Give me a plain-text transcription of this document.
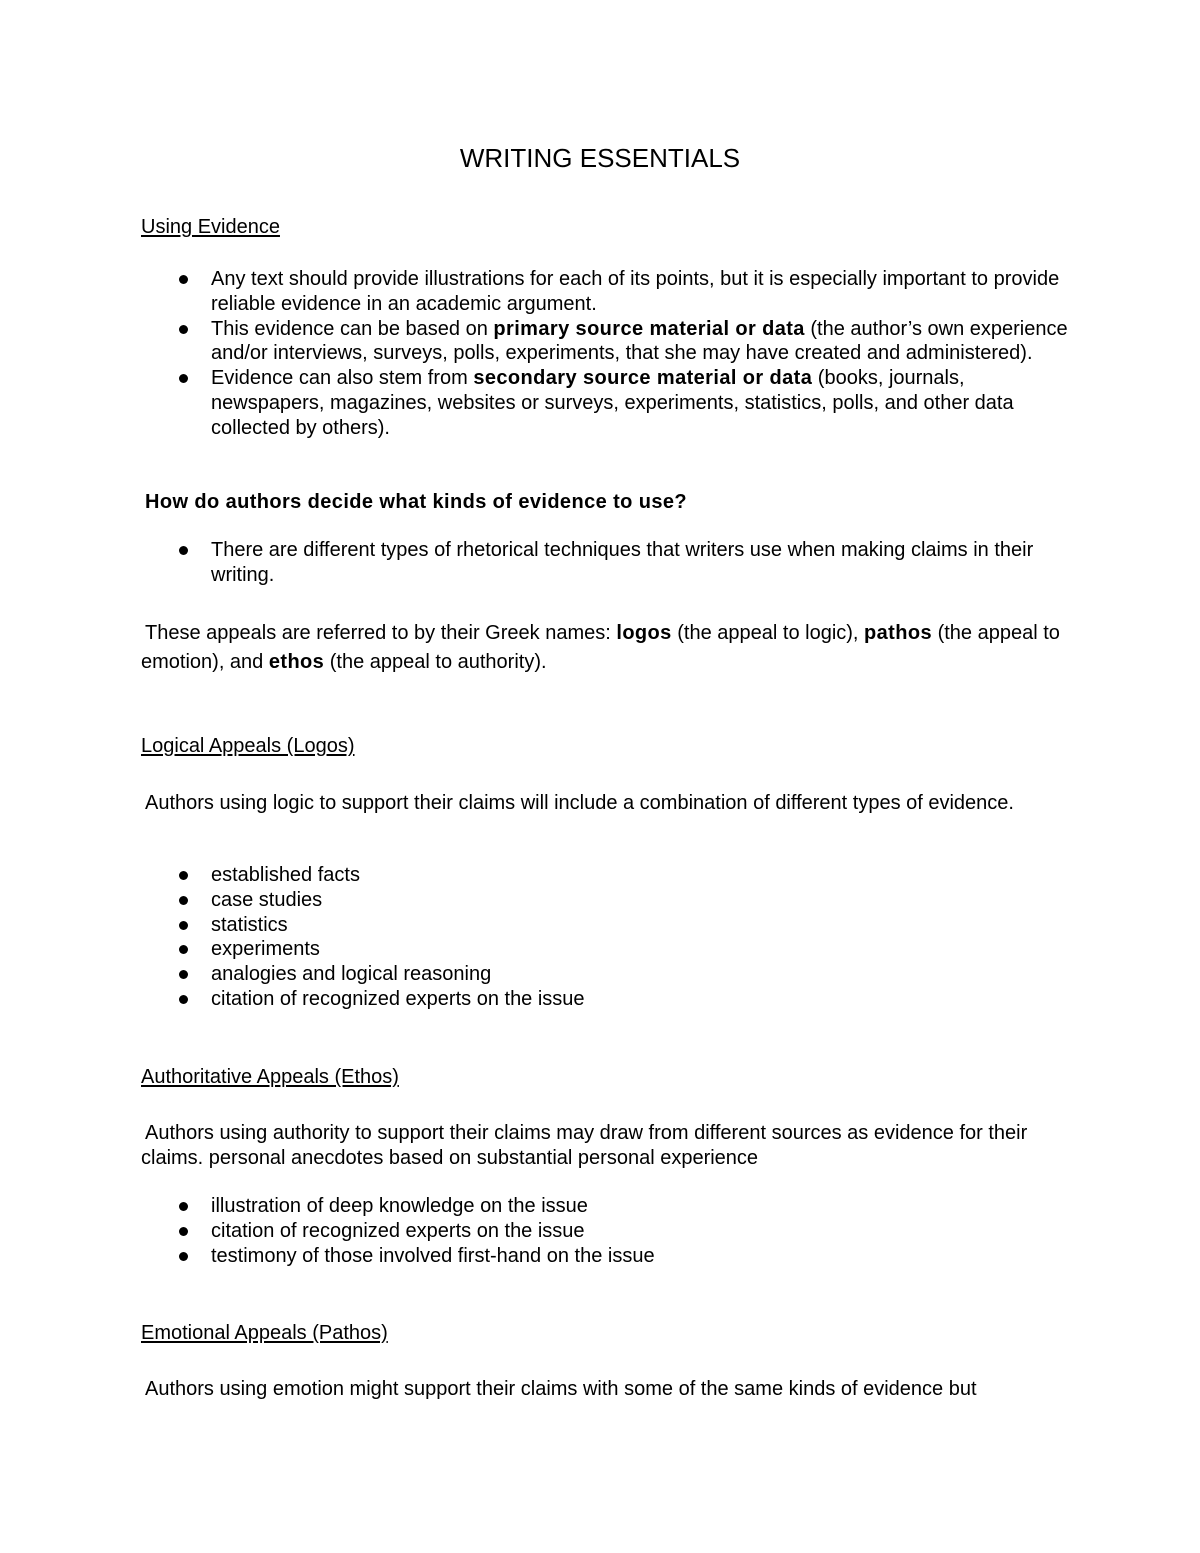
WRITING ESSENTIALS
Using Evidence
Any text should provide illustrations for each of its points, but it is especially important to provide reliable evidence in an academic argument.
This evidence can be based on primary source material or data (the author’s own experience and/or interviews, surveys, polls, experiments, that she may have created and administered).
Evidence can also stem from secondary source material or data (books, journals, newspapers, magazines, websites or surveys, experiments, statistics, polls, and other data collected by others).
How do authors decide what kinds of evidence to use?
There are different types of rhetorical techniques that writers use when making claims in their writing.

These appeals are referred to by their Greek names: logos (the appeal to logic), pathos (the appeal to emotion), and ethos (the appeal to authority).

Logical Appeals (Logos)

Authors using logic to support their claims will include a combination of different types of evidence.

established facts
case studies
statistics
experiments
analogies and logical reasoning
citation of recognized experts on the issue
Authoritative Appeals (Ethos)

Authors using authority to support their claims may draw from different sources as evidence for their claims. personal anecdotes based on substantial personal experience

illustration of deep knowledge on the issue
citation of recognized experts on the issue
testimony of those involved first-hand on the issue
Emotional Appeals (Pathos)

Authors using emotion might support their claims with some of the same kinds of evidence but
